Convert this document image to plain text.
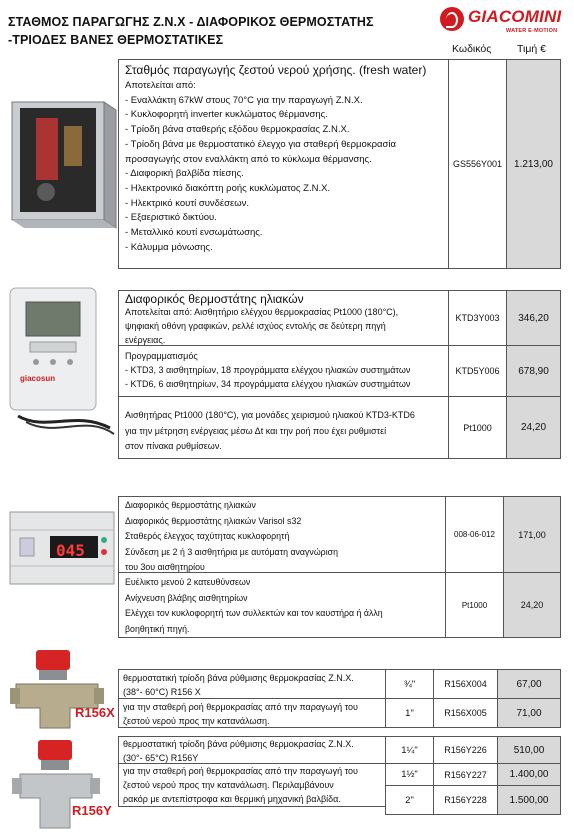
ΣΤΑΘΜΟΣ ΠΑΡΑΓΩΓΗΣ Ζ.Ν.Χ - ΔΙΑΦΟΡΙΚΟΣ ΘΕΡΜΟΣΤΑΤΗΣ
-ΤΡΙΟΔΕΣ ΒΑΝΕΣ ΘΕΡΜΟΣΤΑΤΙΚΕΣ
GIACOMINI
WATER E-MOTION
Κωδικός Τιμή €
Σταθμός παραγωγής ζεστού νερού χρήσης. (fresh water)
Αποτελείται από:
- Εναλλάκτη 67kW στους 70°C για την παραγωγή Ζ.Ν.Χ.
- Κυκλοφορητή inverter κυκλώματος θέρμανσης.
- Τρίοδη βάνα σταθερής εξόδου θερμοκρασίας Ζ.Ν.Χ.
- Τρίοδη βάνα με θερμοστατικό έλεγχο για σταθερή θερμοκρασία
προσαγωγής στον εναλλάκτη από το κύκλωμα θέρμανσης.
- Διαφορική βαλβίδα πίεσης.
- Ηλεκτρονικό διακόπτη ροής κυκλώματος Ζ.Ν.Χ.
- Ηλεκτρικό κουτί συνδέσεων.
- Εξαεριστικό δικτύου.
- Μεταλλικό κουτί ενσωμάτωσης.
- Κάλυμμα μόνωσης.
GS556Y001	1.213,00
giacosun
Διαφορικός θερμοστάτης ηλιακών
Αποτελείται από: Αισθητήριο ελέγχου θερμοκρασίας Pt1000 (180°C),
ψηφιακή οθόνη γραφικών, ρελλέ ισχύος εντολής σε δεύτερη πηγή
ενέργειας.
KTD3Y003	346,20
Προγραμματισμός
- KTD3, 3 αισθητηρίων, 18 προγράμματα ελέγχου ηλιακών συστημάτων
- KTD6, 6 αισθητηρίων, 34 προγράμματα ελέγχου ηλιακών συστημάτων
KTD5Y006	678,90
Αισθητήρας Pt1000 (180°C), για μονάδες χειρισμού ηλιακού KTD3-KTD6
για την μέτρηση ενέργειας μέσω Δt και την ροή που έχει ρυθμιστεί
στον πίνακα ρυθμίσεων.
Pt1000	24,20
045
Διαφορικός θερμοστάτης ηλιακών
Διαφορικός θερμοστάτης ηλιακών Varisol s32
Σταθερός έλεγχος ταχύτητας κυκλοφορητή
Σύνδεση με 2 ή 3 αισθητήρια με αυτόματη αναγνώριση
του 3ου αισθητηρίου
008-06-012	171,00
Ευέλικτο μενού 2 κατευθύνσεων
Ανίχνευση βλάβης αισθητηρίων
Ελέγχει τον κυκλοφορητή των συλλεκτών και τον καυστήρα ή άλλη
βοηθητική πηγή.
Pt1000	24,20
R156X
R156Y
θερμοστατική τρίοδη βάνα ρύθμισης θερμοκρασίας Ζ.Ν.Χ.
(38°- 60°C) R156 X
για την σταθερή ροή θερμοκρασίας από την παραγωγή του
ζεστού νερού προς την κατανάλωση.
θερμοστατική τρίοδη βάνα ρύθμισης θερμοκρασίας Ζ.Ν.Χ.
(30°- 65°C) R156Y
για την σταθερή ροή θερμοκρασίας από την παραγωγή του
ζεστού νερού προς την κατανάλωση. Περιλαμβάνουν
ρακόρ με αντεπίστροφα και θερμική μηχανική βαλβίδα.
¾"	R156X004	67,00
1"	R156X005	71,00
1¼"	R156Y226	510,00
1½"	R156Y227	1.400,00
2"	R156Y228	1.500,00
